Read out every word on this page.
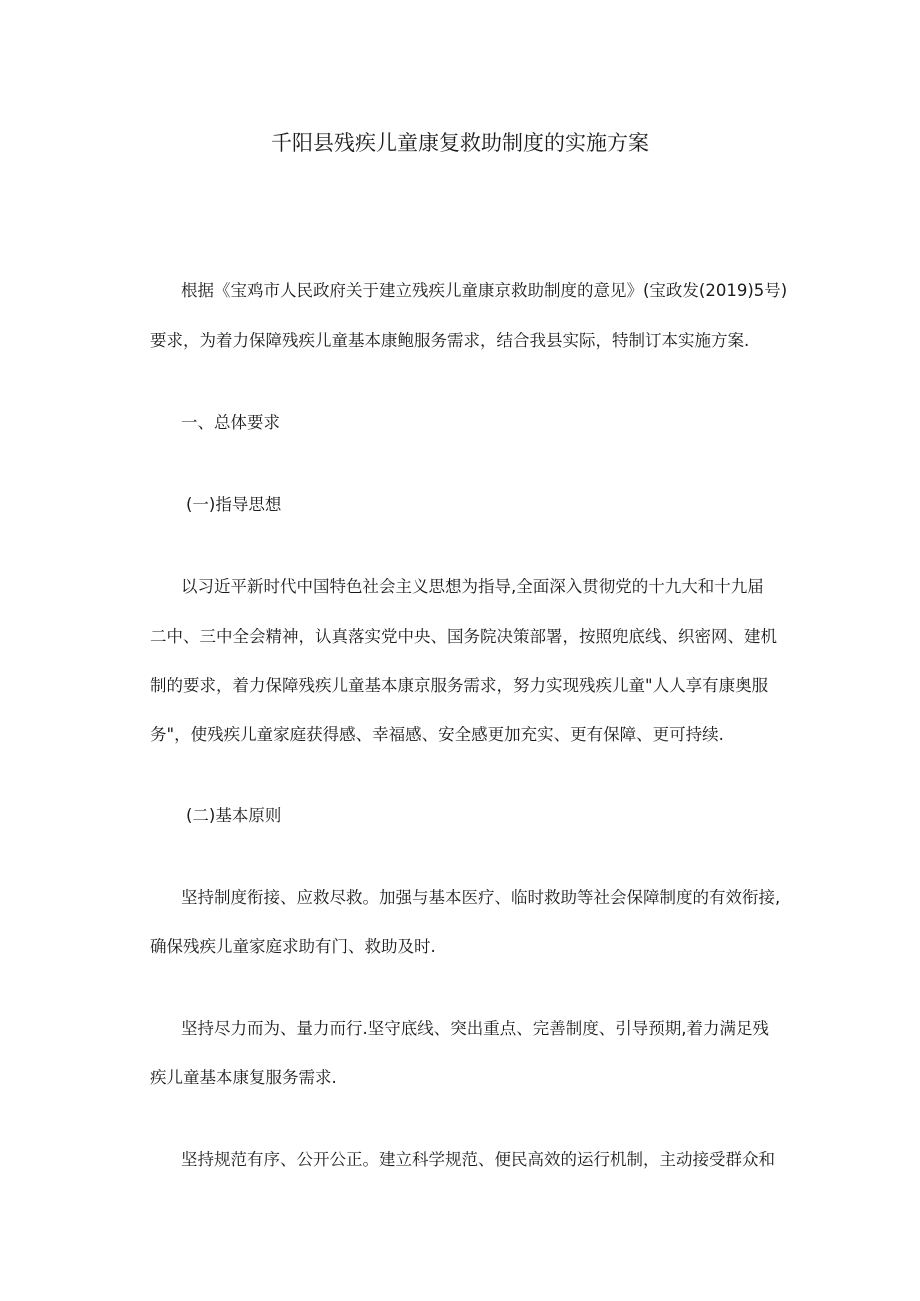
千阳县残疾儿童康复救助制度的实施方案
根据《宝鸡市人民政府关于建立残疾儿童康京救助制度的意见》(宝政发(2019)5号)
要求，为着力保障残疾儿童基本康鲍服务需求，结合我县实际，特制订本实施方案.
一、总体要求
(一)指导思想
以习近平新时代中国特色社会主义思想为指导,全面深入贯彻党的十九大和十九届
二中、三中全会精神，认真落实党中央、国务院决策部署，按照兜底线、织密网、建机
制的要求，着力保障残疾儿童基本康京服务需求，努力实现残疾儿童"人人享有康奥服
务"，使残疾儿童家庭获得感、幸福感、安全感更加充实、更有保障、更可持续.
(二)基本原则
坚持制度衔接、应救尽救。加强与基本医疗、临时救助等社会保障制度的有效衔接,
确保残疾儿童家庭求助有门、救助及时.
坚持尽力而为、量力而行.坚守底线、突出重点、完善制度、引导预期,着力满足残
疾儿童基本康复服务需求.
坚持规范有序、公开公正。建立科学规范、便民高效的运行机制，主动接受群众和
